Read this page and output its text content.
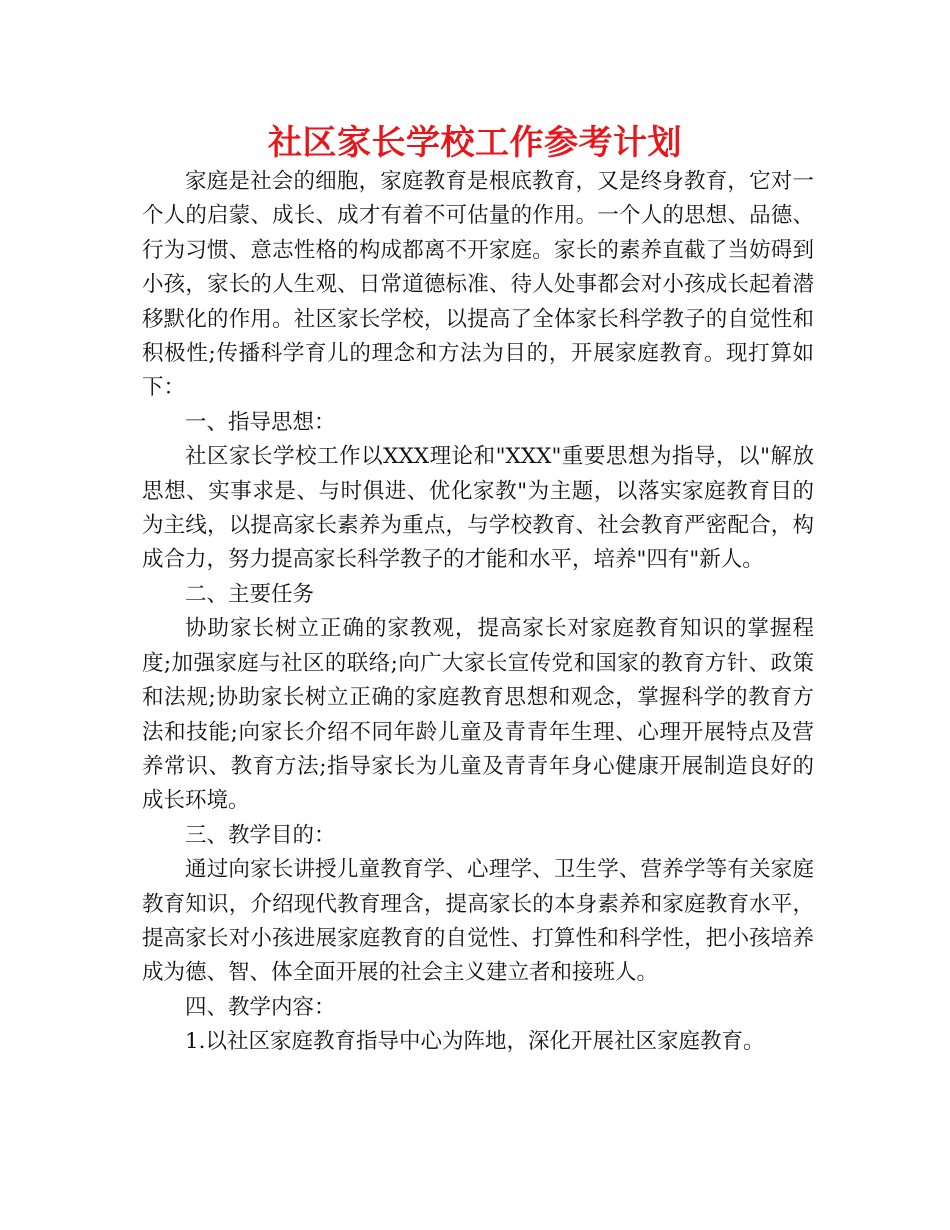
社区家长学校工作参考计划

家庭是社会的细胞，家庭教育是根底教育，又是终身教育，它对一个人的启蒙、成长、成才有着不可估量的作用。一个人的思想、品德、行为习惯、意志性格的构成都离不开家庭。家长的素养直截了当妨碍到小孩，家长的人生观、日常道德标准、待人处事都会对小孩成长起着潜移默化的作用。社区家长学校，以提高了全体家长科学教子的自觉性和积极性;传播科学育儿的理念和方法为目的，开展家庭教育。现打算如下：

一、指导思想：

社区家长学校工作以XXX理论和"XXX"重要思想为指导，以"解放思想、实事求是、与时俱进、优化家教"为主题，以落实家庭教育目的为主线，以提高家长素养为重点，与学校教育、社会教育严密配合，构成合力，努力提高家长科学教子的才能和水平，培养"四有"新人。

二、主要任务

协助家长树立正确的家教观，提高家长对家庭教育知识的掌握程度;加强家庭与社区的联络;向广大家长宣传党和国家的教育方针、政策和法规;协助家长树立正确的家庭教育思想和观念，掌握科学的教育方法和技能;向家长介绍不同年龄儿童及青青年生理、心理开展特点及营养常识、教育方法;指导家长为儿童及青青年身心健康开展制造良好的成长环境。

三、教学目的：

通过向家长讲授儿童教育学、心理学、卫生学、营养学等有关家庭教育知识，介绍现代教育理含，提高家长的本身素养和家庭教育水平，提高家长对小孩进展家庭教育的自觉性、打算性和科学性，把小孩培养成为德、智、体全面开展的社会主义建立者和接班人。

四、教学内容：

1.以社区家庭教育指导中心为阵地，深化开展社区家庭教育。
